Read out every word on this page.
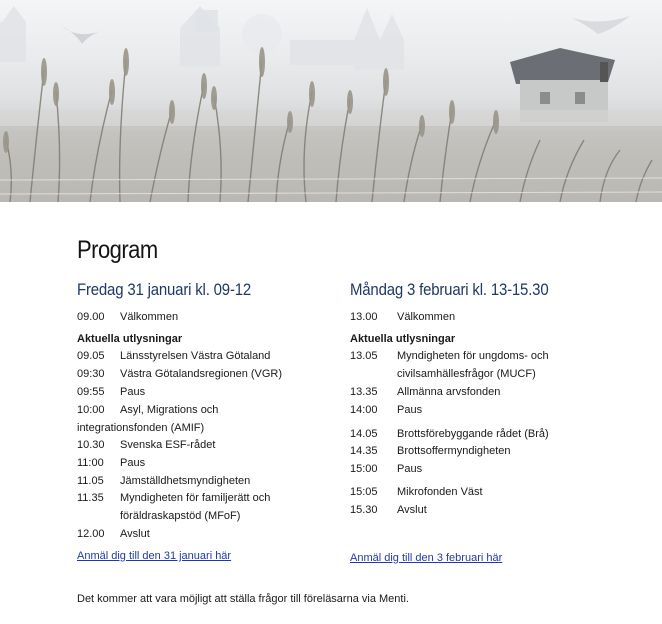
Program
Fredag 31 januari kl. 09-12
09.00 Välkommen
Aktuella utlysningar
09.05 Länsstyrelsen Västra Götaland
09:30 Västra Götalandsregionen (VGR)
09:55 Paus
10:00 Asyl, Migrations och
integrationsfonden (AMIF)
10.30 Svenska ESF-rådet
11:00 Paus
11.05 Jämställdhetsmyndigheten
11.35 Myndigheten för familjerätt och
föräldraskapstöd (MFoF)
12.00 Avslut
Måndag 3 februari kl. 13-15.30
13.00 Välkommen
Aktuella utlysningar
13.05 Myndigheten för ungdoms- och
civilsamhällesfrågor (MUCF)
13.35 Allmänna arvsfonden
14:00 Paus
14.05 Brottsförebyggande rådet (Brå)
14.35 Brottsoffermyndigheten
15:00 Paus
15:05 Mikrofonden Väst
15.30 Avslut
Anmäl dig till den 31 januari här	Anmäl dig till den 3 februari här
Det kommer att vara möjligt att ställa frågor till föreläsarna via Menti.
